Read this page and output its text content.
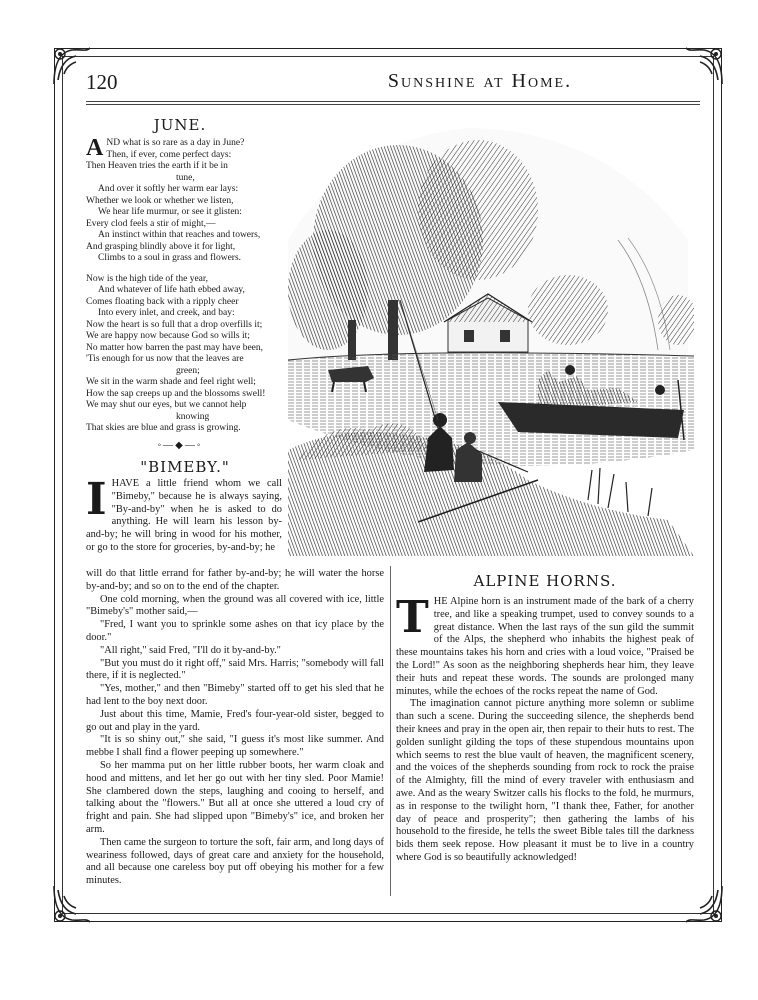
120	Sunshine at Home.
JUNE.
A ND what is so rare as a day in June?

Then, if ever, come perfect days:

Then Heaven tries the earth if it be in

tune,

And over it softly her warm ear lays:

Whether we look or whether we listen,

We hear life murmur, or see it glisten:

Every clod feels a stir of might,—

An instinct within that reaches and towers,

And grasping blindly above it for light,

Climbs to a soul in grass and flowers.

Now is the high tide of the year,

And whatever of life hath ebbed away,

Comes floating back with a ripply cheer

Into every inlet, and creek, and bay:

Now the heart is so full that a drop overfills it;

We are happy now because God so wills it;

No matter how barren the past may have been,

'Tis enough for us now that the leaves are

green;

We sit in the warm shade and feel right well;

How the sap creeps up and the blossoms swell!

We may shut our eyes, but we cannot help

knowing

That skies are blue and grass is growing.

◦—◆—◦
"BIMEBY."
I HAVE a little friend whom we call "Bimeby," because he is always saying, "By-and-by" when he is asked to do anything. He will learn his lesson by-and-by; he will bring in wood for his mother, or go to the store for groceries, by-and-by; he

will do that little errand for father by-and-by; he will water the horse by-and-by; and so on to the end of the chapter.

One cold morning, when the ground was all covered with ice, little "Bimeby's" mother said,—

"Fred, I want you to sprinkle some ashes on that icy place by the door."

"All right," said Fred, "I'll do it by-and-by."

"But you must do it right off," said Mrs. Harris; "somebody will fall there, if it is neglected."

"Yes, mother," and then "Bimeby" started off to get his sled that he had lent to the boy next door.

Just about this time, Mamie, Fred's four-year-old sister, begged to go out and play in the yard.

"It is so shiny out," she said, "I guess it's most like summer. And mebbe I shall find a flower peeping up somewhere."

So her mamma put on her little rubber boots, her warm cloak and hood and mittens, and let her go out with her tiny sled. Poor Mamie! She clambered down the steps, laughing and cooing to herself, and talking about the "flowers." But all at once she uttered a loud cry of fright and pain. She had slipped upon "Bimeby's" ice, and broken her arm.

Then came the surgeon to torture the soft, fair arm, and long days of weariness followed, days of great care and anxiety for the household, and all because one careless boy put off obeying his mother for a few minutes.

ALPINE HORNS.
T HE Alpine horn is an instrument made of the bark of a cherry tree, and like a speaking trumpet, used to convey sounds to a great distance. When the last rays of the sun gild the summit of the Alps, the shepherd who inhabits the highest peak of these mountains takes his horn and cries with a loud voice, "Praised be the Lord!" As soon as the neighboring shepherds hear him, they leave their huts and repeat these words. The sounds are prolonged many minutes, while the echoes of the rocks repeat the name of God.

The imagination cannot picture anything more solemn or sublime than such a scene. During the succeeding silence, the shepherds bend their knees and pray in the open air, then repair to their huts to rest. The golden sunlight gilding the tops of these stupendous mountains upon which seems to rest the blue vault of heaven, the magnificent scenery, and the voices of the shepherds sounding from rock to rock the praise of the Almighty, fill the mind of every traveler with enthusiasm and awe. And as the weary Switzer calls his flocks to the fold, he murmurs, as in response to the twilight horn, "I thank thee, Father, for another day of peace and prosperity"; then gathering the lambs of his household to the fireside, he tells the sweet Bible tales till the darkness bids them seek repose. How pleasant it must be to live in a country where God is so beautifully acknowledged!
